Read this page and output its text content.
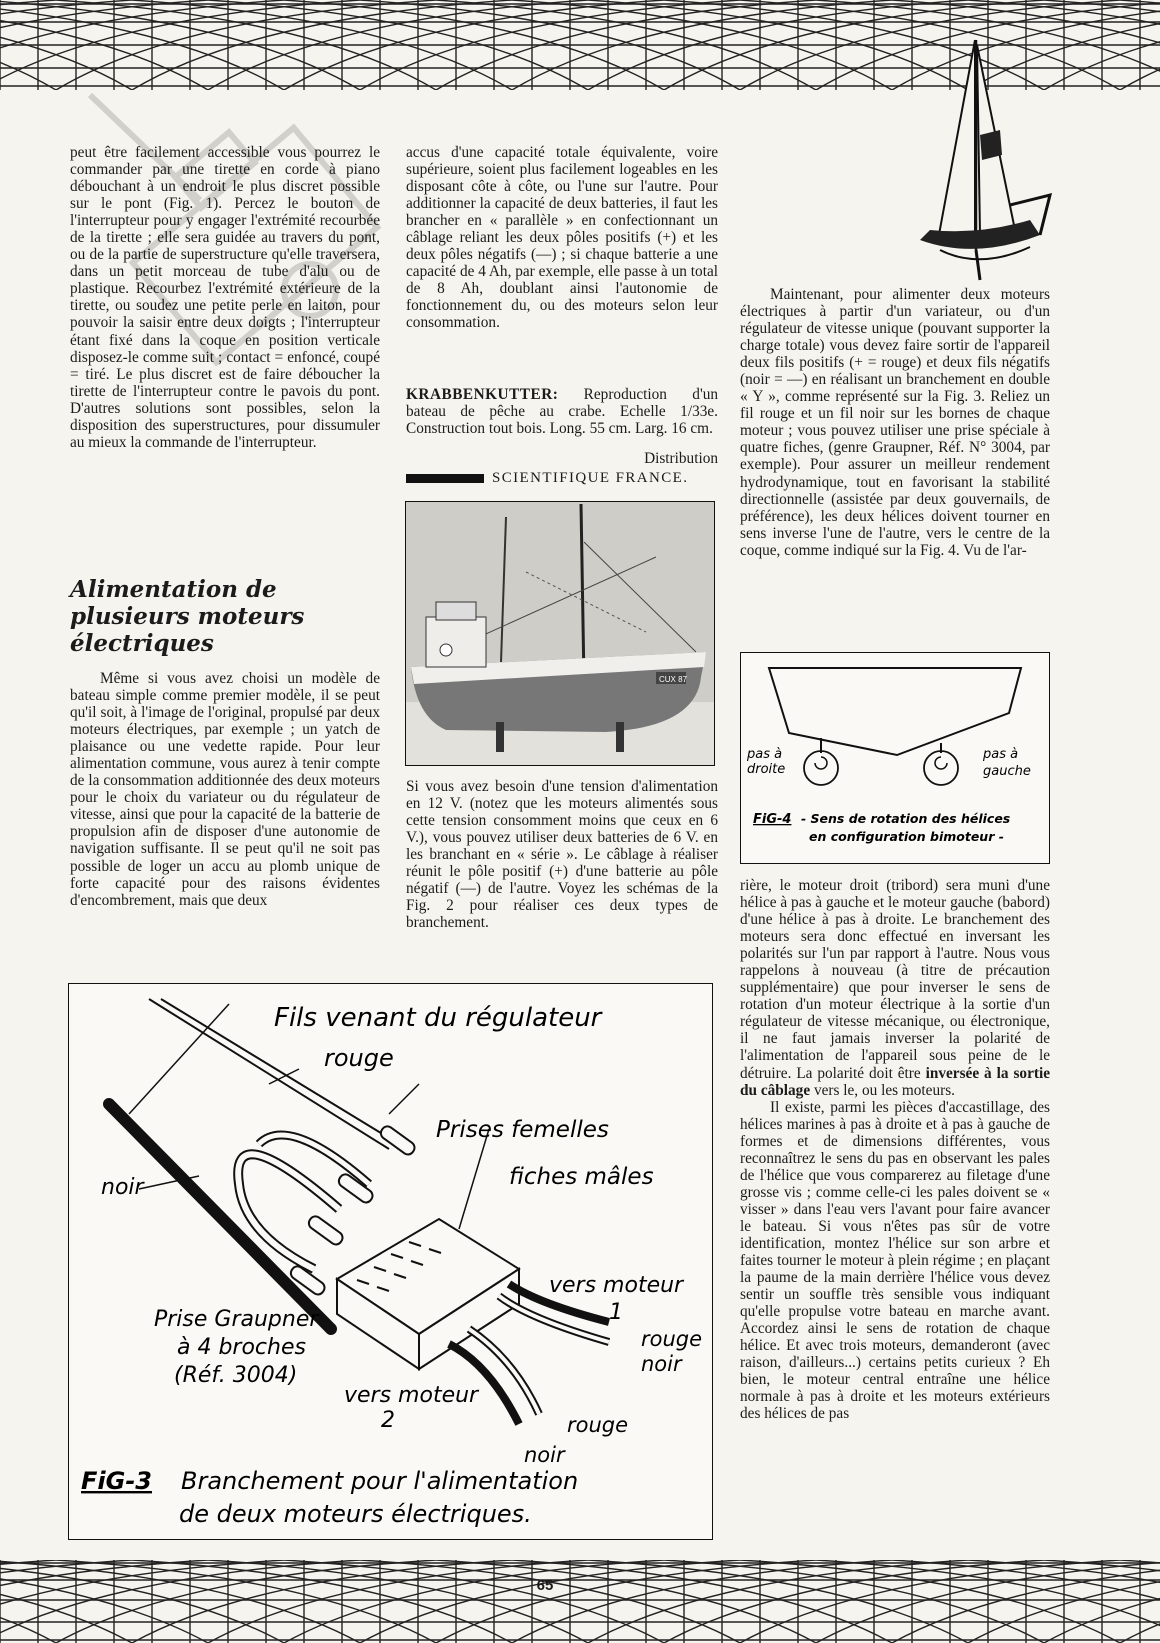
peut être facilement accessible vous pourrez le commander par une tirette en corde à piano débouchant à un endroit le plus discret possible sur le pont (Fig. 1). Percez le bouton de l'interrupteur pour y engager l'extrémité recourbée de la tirette ; elle sera guidée au travers du pont, ou de la partie de superstructure qu'elle traversera, dans un petit morceau de tube d'alu ou de plastique. Recourbez l'extrémité extérieure de la tirette, ou soudez une petite perle en laiton, pour pouvoir la saisir entre deux doigts ; l'interrupteur étant fixé dans la coque en position verticale disposez-le comme suit ; contact = enfoncé, coupé = tiré. Le plus discret est de faire déboucher la tirette de l'interrupteur contre le pavois du pont. D'autres solutions sont possibles, selon la disposition des superstructures, pour dissumuler au mieux la commande de l'interrupteur.

Alimentation de plusieurs moteurs électriques

Même si vous avez choisi un modèle de bateau simple comme premier modèle, il se peut qu'il soit, à l'image de l'original, propulsé par deux moteurs électriques, par exemple ; un yatch de plaisance ou une vedette rapide. Pour leur alimentation commune, vous aurez à tenir compte de la consommation additionnée des deux moteurs pour le choix du variateur ou du régulateur de vitesse, ainsi que pour la capacité de la batterie de propulsion afin de disposer d'une autonomie de navigation suffisante. Il se peut qu'il ne soit pas possible de loger un accu au plomb unique de forte capacité pour des raisons évidentes d'encombrement, mais que deux

accus d'une capacité totale équivalente, voire supérieure, soient plus facilement logeables en les disposant côte à côte, ou l'une sur l'autre. Pour additionner la capacité de deux batteries, il faut les brancher en « parallèle » en confectionnant un câblage reliant les deux pôles positifs (+) et les deux pôles négatifs (—) ; si chaque batterie a une capacité de 4 Ah, par exemple, elle passe à un total de 8 Ah, doublant ainsi l'autonomie de fonctionnement du, ou des moteurs selon leur consommation.

KRABBENKUTTER: Reproduction d'un bateau de pêche au crabe. Echelle 1/33e. Construction tout bois. Long. 55 cm. Larg. 16 cm.

Distribution
SCIENTIFIQUE FRANCE.
CUX 87

Si vous avez besoin d'une tension d'alimentation en 12 V. (notez que les moteurs alimentés sous cette tension consomment moins que ceux en 6 V.), vous pouvez utiliser deux batteries de 6 V. en les branchant en « série ». Le câblage à réaliser réunit le pôle positif (+) d'une batterie au pôle négatif (—) de l'autre. Voyez les schémas de la Fig. 2 pour réaliser ces deux types de branchement.

Maintenant, pour alimenter deux moteurs électriques à partir d'un variateur, ou d'un régulateur de vitesse unique (pouvant supporter la charge totale) vous devez faire sortir de l'appareil deux fils positifs (+ = rouge) et deux fils négatifs (noir = —) en réalisant un branchement en double « Y », comme représenté sur la Fig. 3. Reliez un fil rouge et un fil noir sur les bornes de chaque moteur ; vous pouvez utiliser une prise spéciale à quatre fiches, (genre Graupner, Réf. N° 3004, par exemple). Pour assurer un meilleur rendement hydrodynamique, tout en favorisant la stabilité directionnelle (assistée par deux gouvernails, de préférence), les deux hélices doivent tourner en sens inverse l'une de l'autre, vers le centre de la coque, comme indiqué sur la Fig. 4. Vu de l'ar-

pas à
droite
pas à
gauche
FiG-4 - Sens de rotation des hélices
en configuration bimoteur -

rière, le moteur droit (tribord) sera muni d'une hélice à pas à gauche et le moteur gauche (babord) d'une hélice à pas à droite. Le branchement des moteurs sera donc effectué en inversant les polarités sur l'un par rapport à l'autre. Nous vous rappelons à nouveau (à titre de précaution supplémentaire) que pour inverser le sens de rotation d'un moteur électrique à la sortie d'un régulateur de vitesse mécanique, ou électronique, il ne faut jamais inverser la polarité de l'alimentation de l'appareil sous peine de le détruire. La polarité doit être inversée à la sortie du câblage vers le, ou les moteurs.

Il existe, parmi les pièces d'accastillage, des hélices marines à pas à droite et à pas à gauche de formes et de dimensions différentes, vous reconnaîtrez le sens du pas en observant les pales de l'hélice que vous comparerez au filetage d'une grosse vis ; comme celle-ci les pales doivent se « visser » dans l'eau vers l'avant pour faire avancer le bateau. Si vous n'êtes pas sûr de votre identification, montez l'hélice sur son arbre et faites tourner le moteur à plein régime ; en plaçant la paume de la main derrière l'hélice vous devez sentir un souffle très sensible vous indiquant qu'elle propulse votre bateau en marche avant. Accordez ainsi le sens de rotation de chaque hélice. Et avec trois moteurs, demanderont (avec raison, d'ailleurs...) certains petits curieux ? Eh bien, le moteur central entraîne une hélice normale à pas à droite et les moteurs extérieurs des hélices de pas

Fils venant du régulateur
rouge
Prises femelles
fiches mâles
noir
Prise Graupner
à 4 broches
(Réf. 3004)
vers moteur
1
rouge
noir
vers moteur
2	rouge
noir
FiG-3 Branchement pour l'alimentation
de deux moteurs électriques.
65
